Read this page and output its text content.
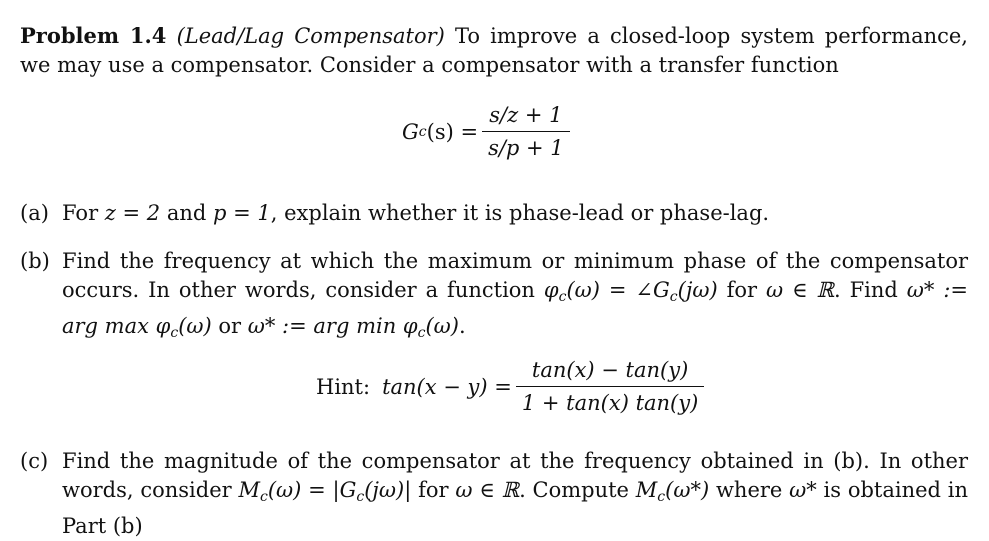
Problem 1.4 (Lead/Lag Compensator) To improve a closed-loop system performance, we may use a compensator. Consider a compensator with a transfer function
G c $(s) = \frac{s/z + 1}{s/p + 1}$
(a) For z = 2 and p = 1, explain whether it is phase-lead or phase-lag.
(b) Find the frequency at which the maximum or minimum phase of the compensator occurs. In other words, consider a function $\varphi_c(\omega)$ = $\angle G_c(j\omega)$ for ω ∈ ℝ. Find ω* := arg $\max \varphi_c(\omega)$ or ω* := arg $\min \varphi_c(\omega)$.
Hint: $\tan(x - y) = \frac{\tan(x) - \tan(y)}{1 + \tan(x) \tan(y)}$
(c) Find the magnitude of the compensator at the frequency obtained in (b). In other words, consider $M_c(\omega) = |G_c(j\omega)|$ for ω ∈ ℝ. Compute $M_c(\omega*)$ where ω* is obtained in Part (b)
